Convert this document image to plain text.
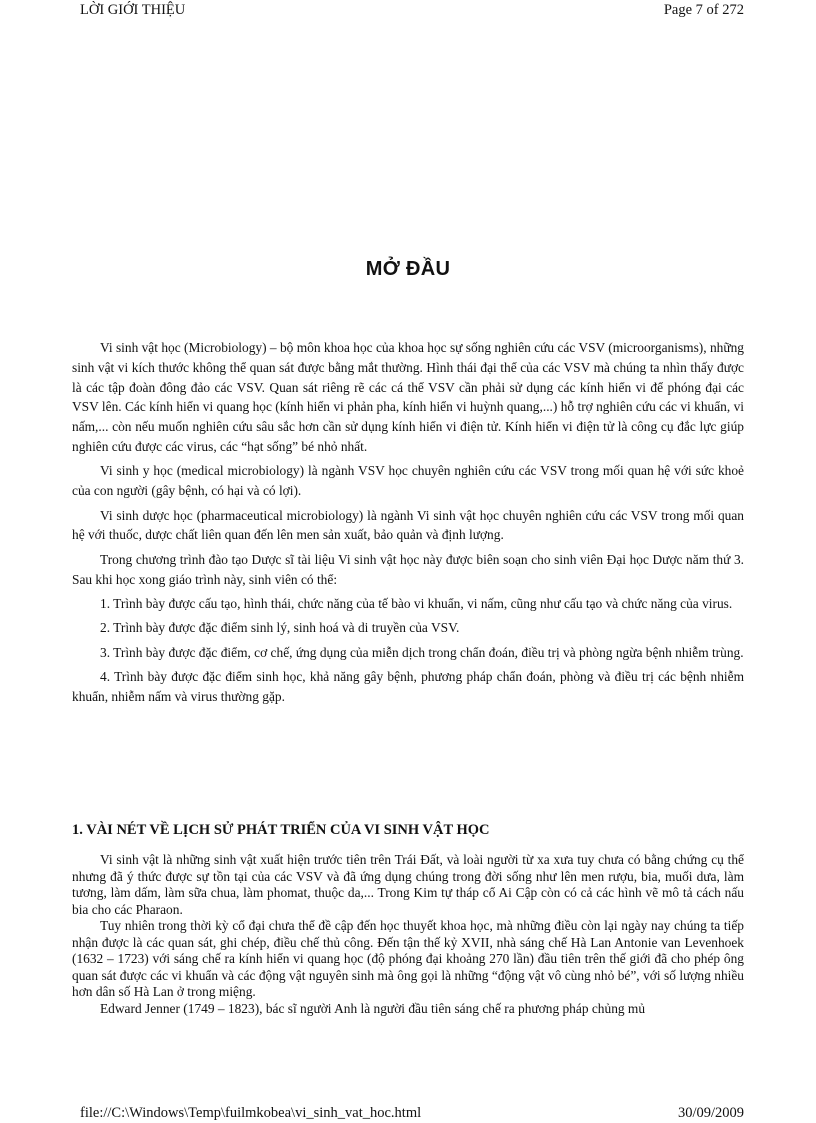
LỜI GIỚI THIỆU	Page 7 of 272
MỞ ĐẦU

Vi sinh vật học (Microbiology) – bộ môn khoa học của khoa học sự sống nghiên cứu các VSV (microorganisms), những sinh vật vi kích thước không thể quan sát được bằng mắt thường. Hình thái đại thể của các VSV mà chúng ta nhìn thấy được là các tập đoàn đông đảo các VSV. Quan sát riêng rẽ các cá thể VSV cần phải sử dụng các kính hiển vi để phóng đại các VSV lên. Các kính hiển vi quang học (kính hiển vi phản pha, kính hiển vi huỳnh quang,...) hỗ trợ nghiên cứu các vi khuẩn, vi nấm,... còn nếu muốn nghiên cứu sâu sắc hơn cần sử dụng kính hiển vi điện tử. Kính hiển vi điện tử là công cụ đắc lực giúp nghiên cứu được các virus, các “hạt sống” bé nhỏ nhất.

Vi sinh y học (medical microbiology) là ngành VSV học chuyên nghiên cứu các VSV trong mối quan hệ với sức khoẻ của con người (gây bệnh, có hại và có lợi).

Vi sinh dược học (pharmaceutical microbiology) là ngành Vi sinh vật học chuyên nghiên cứu các VSV trong mối quan hệ với thuốc, dược chất liên quan đến lên men sản xuất, bảo quản và định lượng.

Trong chương trình đào tạo Dược sĩ tài liệu Vi sinh vật học này được biên soạn cho sinh viên Đại học Dược năm thứ 3. Sau khi học xong giáo trình này, sinh viên có thể:

1. Trình bày được cấu tạo, hình thái, chức năng của tế bào vi khuẩn, vi nấm, cũng như cấu tạo và chức năng của virus.

2. Trình bày được đặc điểm sinh lý, sinh hoá và di truyền của VSV.

3. Trình bày được đặc điểm, cơ chế, ứng dụng của miễn dịch trong chẩn đoán, điều trị và phòng ngừa bệnh nhiễm trùng.

4. Trình bày được đặc điểm sinh học, khả năng gây bệnh, phương pháp chẩn đoán, phòng và điều trị các bệnh nhiễm khuẩn, nhiễm nấm và virus thường gặp.

1. VÀI NÉT VỀ LỊCH SỬ PHÁT TRIỂN CỦA VI SINH VẬT HỌC

Vi sinh vật là những sinh vật xuất hiện trước tiên trên Trái Đất, và loài người từ xa xưa tuy chưa có bằng chứng cụ thể nhưng đã ý thức được sự tồn tại của các VSV và đã ứng dụng chúng trong đời sống như lên men rượu, bia, muối dưa, làm tương, làm dấm, làm sữa chua, làm phomat, thuộc da,... Trong Kim tự tháp cổ Ai Cập còn có cả các hình vẽ mô tả cách nấu bia cho các Pharaon.

Tuy nhiên trong thời kỳ cổ đại chưa thể đề cập đến học thuyết khoa học, mà những điều còn lại ngày nay chúng ta tiếp nhận được là các quan sát, ghi chép, điều chế thủ công. Đến tận thế kỷ XVII, nhà sáng chế Hà Lan Antonie van Levenhoek (1632 – 1723) với sáng chế ra kính hiển vi quang học (độ phóng đại khoảng 270 lần) đầu tiên trên thế giới đã cho phép ông quan sát được các vi khuẩn và các động vật nguyên sinh mà ông gọi là những “động vật vô cùng nhỏ bé”, với số lượng nhiều hơn dân số Hà Lan ở trong miệng.

Edward Jenner (1749 – 1823), bác sĩ người Anh là người đầu tiên sáng chế ra phương pháp chủng mủ

file://C:\Windows\Temp\fuilmkobea\vi_sinh_vat_hoc.html	30/09/2009
